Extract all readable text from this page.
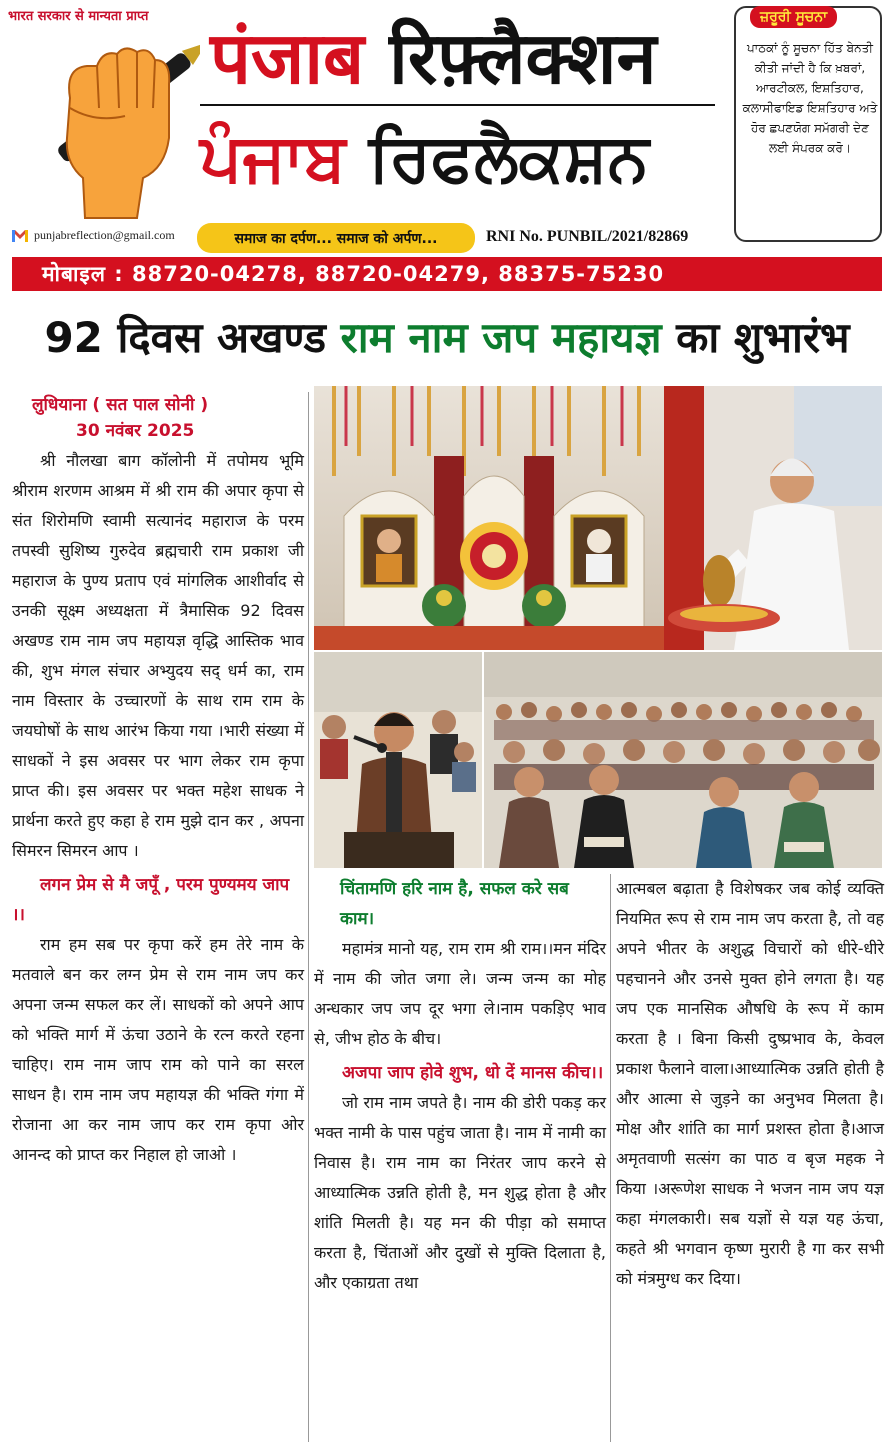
भारत सरकार से मान्यता प्राप्त पंजाब रिफ़्लैक्शन
ਪੰਜਾਬ ਰਿਫਲੈਕਸ਼ਨ
punjabreflection@gmail.com	समाज का दर्पण... समाज को अर्पण...	RNI No. PUNBIL/2021/82869
ਜ਼ਰੂਰੀ ਸੂਚਨਾ
ਪਾਠਕਾਂ ਨੂੰ ਸੂਚਨਾ ਹਿੱਤ ਬੇਨਤੀ ਕੀਤੀ ਜਾਂਦੀ ਹੈ ਕਿ ਖ਼ਬਰਾਂ, ਆਰਟੀਕਲ, ਇਸ਼ਤਿਹਾਰ, ਕਲਾਸੀਫਾਇਡ ਇਸ਼ਤਿਹਾਰ ਅਤੇ ਹੋਰ ਛਪਣਯੋਗ ਸਮੱਗਰੀ ਦੇਣ ਲਈ ਸੰਪਰਕ ਕਰੋ।
मोबाइल : 88720-04278, 88720-04279, 88375-75230
92 दिवस अखण्ड राम नाम जप महायज्ञ का शुभारंभ
लुधियाना ( सत पाल सोनी )
30 नवंबर 2025

श्री नौलखा बाग कॉलोनी में तपोमय भूमि श्रीराम शरणम आश्रम में श्री राम की अपार कृपा से संत शिरोमणि स्वामी सत्यानंद महाराज के परम तपस्वी सुशिष्य गुरुदेव ब्रह्मचारी राम प्रकाश जी महाराज के पुण्य प्रताप एवं मांगलिक आशीर्वाद से उनकी सूक्ष्म अध्यक्षता में त्रैमासिक 92 दिवस अखण्ड राम नाम जप महायज्ञ वृद्धि आस्तिक भाव की, शुभ मंगल संचार अभ्युदय सद् धर्म का, राम नाम विस्तार के उच्चारणों के साथ राम राम के जयघोषों के साथ आरंभ किया गया ।भारी संख्या में साधकों ने इस अवसर पर भाग लेकर राम कृपा प्राप्त की। इस अवसर पर भक्त महेश साधक ने प्रार्थना करते हुए कहा हे राम मुझे दान कर , अपना सिमरन सिमरन आप ।

लगन प्रेम से मै जपूँ , परम पुण्यमय जाप ।।

राम हम सब पर कृपा करें हम तेरे नाम के मतवाले बन कर लग्न प्रेम से राम नाम जप कर अपना जन्म सफल कर लें। साधकों को अपने आप को भक्ति मार्ग में ऊंचा उठाने के रत्न करते रहना चाहिए। राम नाम जाप राम को पाने का सरल साधन है। राम नाम जप महायज्ञ की भक्ति गंगा में रोजाना आ कर नाम जाप कर राम कृपा ओर आनन्द को प्राप्त कर निहाल हो जाओ ।

चिंतामणि हरि नाम है, सफल करे सब काम।

महामंत्र मानो यह, राम राम श्री राम।।मन मंदिर में नाम की जोत जगा ले। जन्म जन्म का मोह अन्धकार जप जप दूर भगा ले।नाम पकड़िए भाव से, जीभ होठ के बीच।

अजपा जाप होवे शुभ, धो दें मानस कीच।।

जो राम नाम जपते है। नाम की डोरी पकड़ कर भक्त नामी के पास पहुंच जाता है। नाम में नामी का निवास है। राम नाम का निरंतर जाप करने से आध्यात्मिक उन्नति होती है, मन शुद्ध होता है और शांति मिलती है। यह मन की पीड़ा को समाप्त करता है, चिंताओं और दुखों से मुक्ति दिलाता है, और एकाग्रता तथा

आत्मबल बढ़ाता है विशेषकर जब कोई व्यक्ति नियमित रूप से राम नाम जप करता है, तो वह अपने भीतर के अशुद्ध विचारों को धीरे-धीरे पहचानने और उनसे मुक्त होने लगता है। यह जप एक मानसिक औषधि के रूप में काम करता है । बिना किसी दुष्प्रभाव के, केवल प्रकाश फैलाने वाला।आध्यात्मिक उन्नति होती है और आत्मा से जुड़ने का अनुभव मिलता है।मोक्ष और शांति का मार्ग प्रशस्त होता है।आज अमृतवाणी सत्संग का पाठ व बृज महक ने किया ।अरूणेश साधक ने भजन नाम जप यज्ञ कहा मंगलकारी। सब यज्ञों से यज्ञ यह ऊंचा, कहते श्री भगवान कृष्ण मुरारी है गा कर सभी को मंत्रमुग्ध कर दिया।
